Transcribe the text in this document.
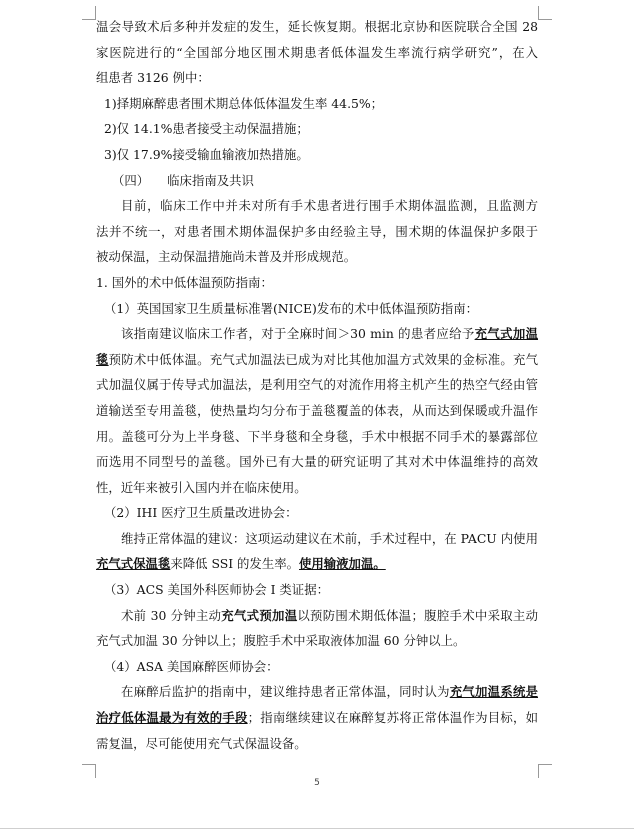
温会导致术后多种并发症的发生，延长恢复期。根据北京协和医院联合全国 28
家医院进行的“全国部分地区围术期患者低体温发生率流行病学研究”，在入
组患者 3126 例中：
1)择期麻醉患者围术期总体低体温发生率 44.5%；
2)仅 14.1%患者接受主动保温措施；
3)仅 17.9%接受输血输液加热措施。
（四） 临床指南及共识
目前，临床工作中并未对所有手术患者进行围手术期体温监测，且监测方
法并不统一，对患者围术期体温保护多由经验主导，围术期的体温保护多限于
被动保温，主动保温措施尚未普及并形成规范。
1. 国外的术中低体温预防指南：
（1）英国国家卫生质量标准署(NICE)发布的术中低体温预防指南：
该指南建议临床工作者，对于全麻时间＞30 min 的患者应给予充气式加温
毯预防术中低体温。充气式加温法已成为对比其他加温方式效果的金标准。充气
式加温仪属于传导式加温法，是利用空气的对流作用将主机产生的热空气经由管
道输送至专用盖毯，使热量均匀分布于盖毯覆盖的体表，从而达到保暖或升温作
用。盖毯可分为上半身毯、下半身毯和全身毯，手术中根据不同手术的暴露部位
而选用不同型号的盖毯。国外已有大量的研究证明了其对术中体温维持的高效
性，近年来被引入国内并在临床使用。
（2）IHI 医疗卫生质量改进协会：
维持正常体温的建议：这项运动建议在术前，手术过程中，在 PACU 内使用
充气式保温毯来降低 SSI 的发生率。使用输液加温。
（3）ACS 美国外科医师协会 I 类证据：
术前 30 分钟主动充气式预加温以预防围术期低体温；腹腔手术中采取主动
充气式加温 30 分钟以上；腹腔手术中采取液体加温 60 分钟以上。
（4）ASA 美国麻醉医师协会：
在麻醉后监护的指南中，建议维持患者正常体温，同时认为充气加温系统是
治疗低体温最为有效的手段；指南继续建议在麻醉复苏将正常体温作为目标，如
需复温，尽可能使用充气式保温设备。
5
